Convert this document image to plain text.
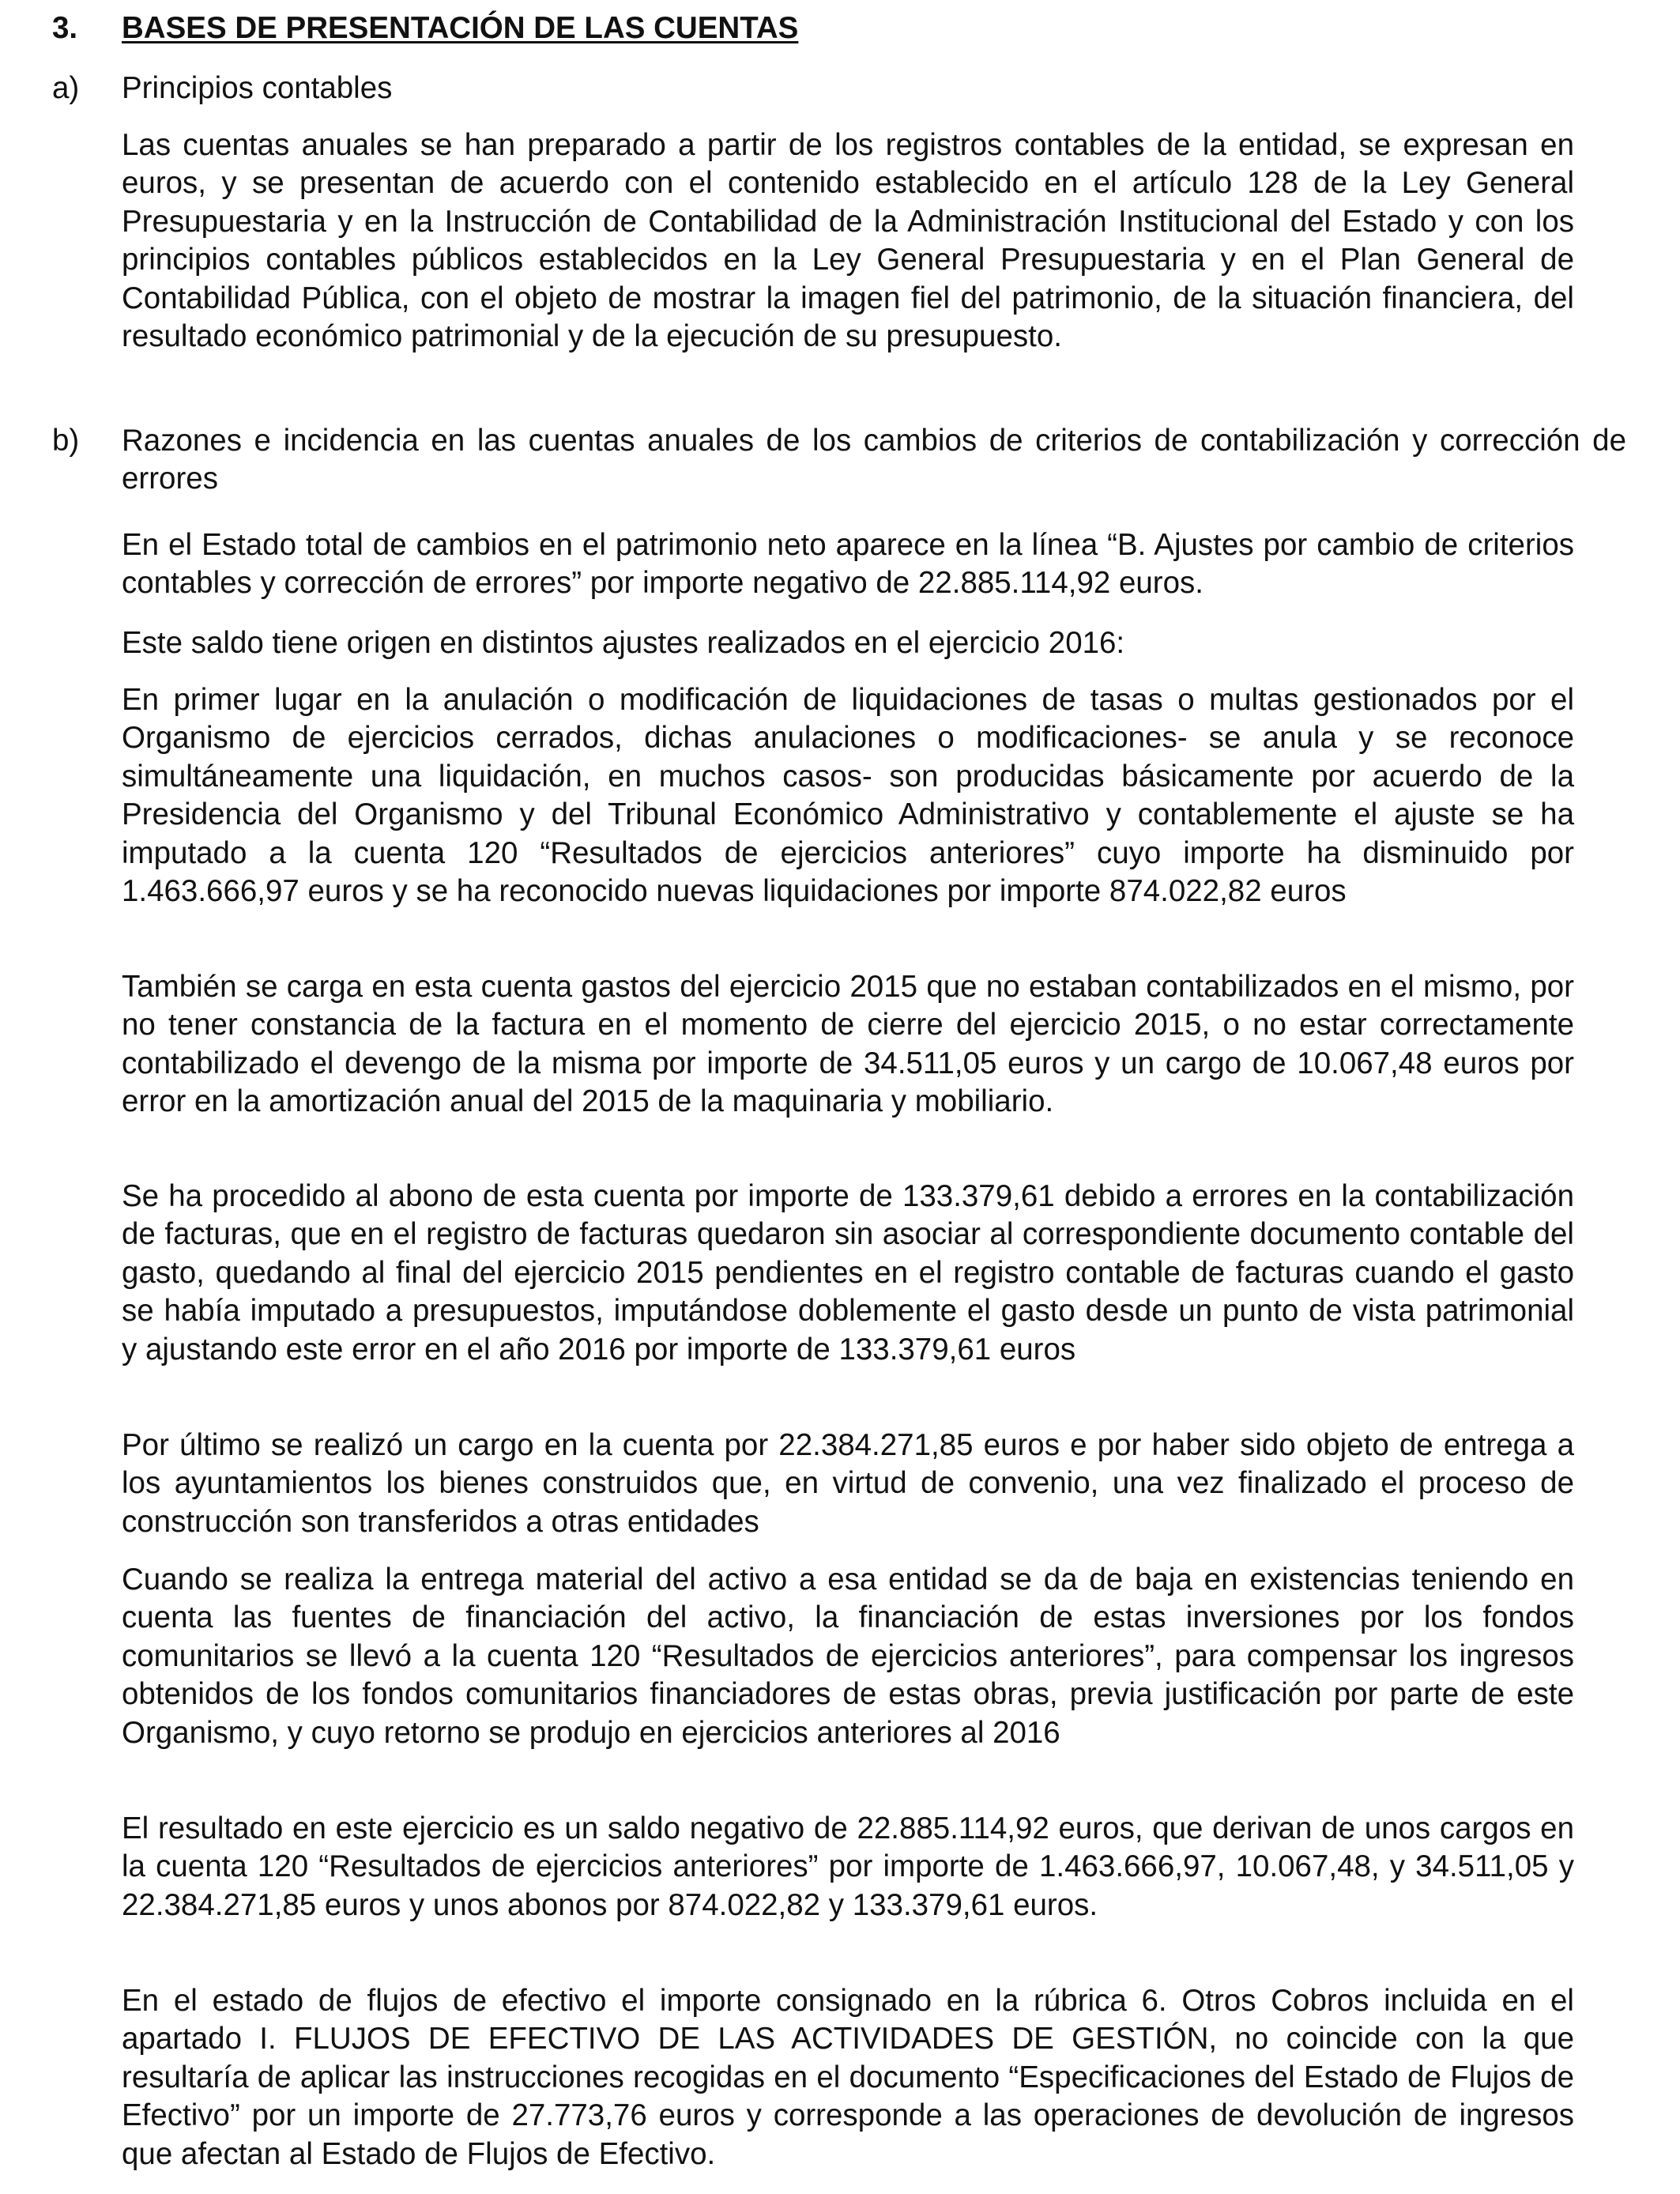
3.	BASES DE PRESENTACIÓN DE LAS CUENTAS
a)	Principios contables

Las cuentas anuales se han preparado a partir de los registros contables de la entidad, se expresan en euros, y se presentan de acuerdo con el contenido establecido en el artículo 128 de la Ley General Presupuestaria y en la Instrucción de Contabilidad de la Administración Institucional del Estado y con los principios contables públicos establecidos en la Ley General Presupuestaria y en el Plan General de Contabilidad Pública, con el objeto de mostrar la imagen fiel del patrimonio, de la situación financiera, del resultado económico patrimonial y de la ejecución de su presupuesto.

b)	Razones e incidencia en las cuentas anuales de los cambios de criterios de contabilización y corrección de errores

En el Estado total de cambios en el patrimonio neto aparece en la línea “B. Ajustes por cambio de criterios contables y corrección de errores” por importe negativo de 22.885.114,92 euros.

Este saldo tiene origen en distintos ajustes realizados en el ejercicio 2016:

En primer lugar en la anulación o modificación de liquidaciones de tasas o multas gestionados por el Organismo de ejercicios cerrados, dichas anulaciones o modificaciones- se anula y se reconoce simultáneamente una liquidación, en muchos casos- son producidas básicamente por acuerdo de la Presidencia del Organismo y del Tribunal Económico Administrativo y contablemente el ajuste se ha imputado a la cuenta 120 “Resultados de ejercicios anteriores” cuyo importe ha disminuido por 1.463.666,97 euros y se ha reconocido nuevas liquidaciones por importe 874.022,82 euros

También se carga en esta cuenta gastos del ejercicio 2015 que no estaban contabilizados en el mismo, por no tener constancia de la factura en el momento de cierre del ejercicio 2015, o no estar correctamente contabilizado el devengo de la misma por importe de 34.511,05 euros y un cargo de 10.067,48 euros por error en la amortización anual del 2015 de la maquinaria y mobiliario.

Se ha procedido al abono de esta cuenta por importe de 133.379,61 debido a errores en la contabilización de facturas, que en el registro de facturas quedaron sin asociar al correspondiente documento contable del gasto, quedando al final del ejercicio 2015 pendientes en el registro contable de facturas cuando el gasto se había imputado a presupuestos, imputándose doblemente el gasto desde un punto de vista patrimonial y ajustando este error en el año 2016 por importe de 133.379,61 euros

Por último se realizó un cargo en la cuenta por 22.384.271,85 euros e por haber sido objeto de entrega a los ayuntamientos los bienes construidos que, en virtud de convenio, una vez finalizado el proceso de construcción son transferidos a otras entidades

Cuando se realiza la entrega material del activo a esa entidad se da de baja en existencias teniendo en cuenta las fuentes de financiación del activo, la financiación de estas inversiones por los fondos comunitarios se llevó a la cuenta 120 “Resultados de ejercicios anteriores”, para compensar los ingresos obtenidos de los fondos comunitarios financiadores de estas obras, previa justificación por parte de este Organismo, y cuyo retorno se produjo en ejercicios anteriores al 2016

El resultado en este ejercicio es un saldo negativo de 22.885.114,92 euros, que derivan de unos cargos en la cuenta 120 “Resultados de ejercicios anteriores” por importe de 1.463.666,97, 10.067,48, y 34.511,05 y 22.384.271,85 euros y unos abonos por 874.022,82 y 133.379,61 euros.

En el estado de flujos de efectivo el importe consignado en la rúbrica 6. Otros Cobros incluida en el apartado I. FLUJOS DE EFECTIVO DE LAS ACTIVIDADES DE GESTIÓN, no coincide con la que resultaría de aplicar las instrucciones recogidas en el documento “Especificaciones del Estado de Flujos de Efectivo” por un importe de 27.773,76 euros y corresponde a las operaciones de devolución de ingresos que afectan al Estado de Flujos de Efectivo.
